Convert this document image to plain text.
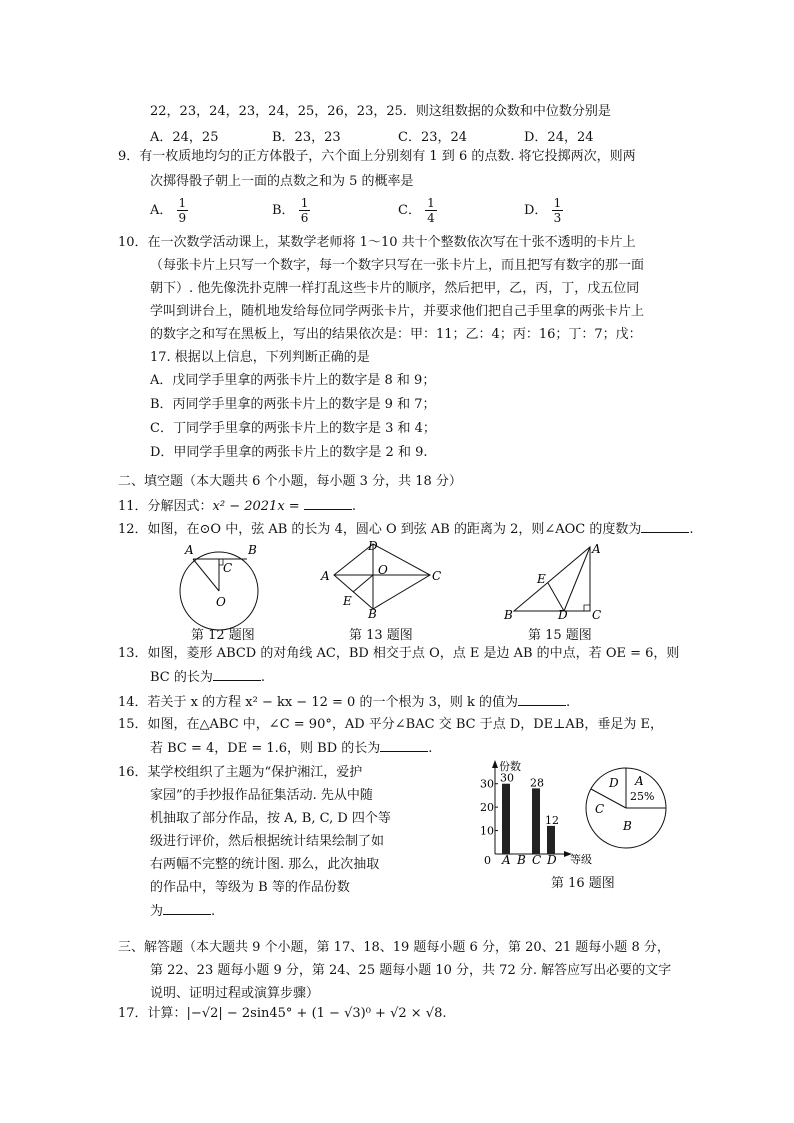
22，23，24，23，24，25，26，23，25．则这组数据的众数和中位数分别是
A．24，25	B．23，23	C．23，24	D．24，24
9．有一枚质地均匀的正方体骰子，六个面上分别刻有 1 到 6 的点数. 将它投掷两次，则两
次掷得骰子朝上一面的点数之和为 5 的概率是
A． $\frac{1}{9}$	B． $\frac{1}{6}$	C． $\frac{1}{4}$	D． $\frac{1}{3}$
10．在一次数学活动课上，某数学老师将 1～10 共十个整数依次写在十张不透明的卡片上
（每张卡片上只写一个数字，每一个数字只写在一张卡片上，而且把写有数字的那一面
朝下）. 他先像洗扑克牌一样打乱这些卡片的顺序，然后把甲，乙，丙，丁，戊五位同
学叫到讲台上，随机地发给每位同学两张卡片，并要求他们把自己手里拿的两张卡片上
的数字之和写在黑板上，写出的结果依次是：甲：11；乙：4；丙：16；丁：7；戊：
17. 根据以上信息，下列判断正确的是
A．戊同学手里拿的两张卡片上的数字是 8 和 9；
B．丙同学手里拿的两张卡片上的数字是 9 和 7；
C．丁同学手里拿的两张卡片上的数字是 3 和 4；
D．甲同学手里拿的两张卡片上的数字是 2 和 9.
二、填空题（本大题共 6 个小题，每小题 3 分，共 18 分）
11．分解因式：x² − 2021x =	.
12．如图，在⊙O 中，弦 AB 的长为 4，圆心 O 到弦 AB 的距离为 2，则∠AOC 的度数为	.
A	B
C
O
第 12 题图
D
A	O	C
E
B
第 13 题图
A
E
B	D C
第 15 题图
13．如图，菱形 ABCD 的对角线 AC，BD 相交于点 O，点 E 是边 AB 的中点，若 OE = 6，则
BC 的长为	.
14．若关于 x 的方程 x² − kx − 12 = 0 的一个根为 3，则 k 的值为	.
15．如图，在△ABC 中，∠C = 90°，AD 平分∠BAC 交 BC 于点 D，DE⊥AB，垂足为 E，
若 BC = 4，DE = 1.6，则 BD 的长为	.
16．某学校组织了主题为“保护湘江，爱护
家园”的手抄报作品征集活动. 先从中随
机抽取了部分作品，按 A, B, C, D 四个等
级进行评价，然后根据统计结果绘制了如
右两幅不完整的统计图. 那么，此次抽取
的作品中，等级为 B 等的作品份数
为	.
份数
等级
0
10
20
30 30
A B
28
C
12
D
D A
25%
C
B
第 16 题图
三、解答题（本大题共 9 个小题，第 17、18、19 题每小题 6 分，第 20、21 题每小题 8 分，
第 22、23 题每小题 9 分，第 24、25 题每小题 10 分，共 72 分. 解答应写出必要的文字
说明、证明过程或演算步骤）
17．计算：|−√2| − 2sin45° + (1 − √3)⁰ + √2 × √8.
